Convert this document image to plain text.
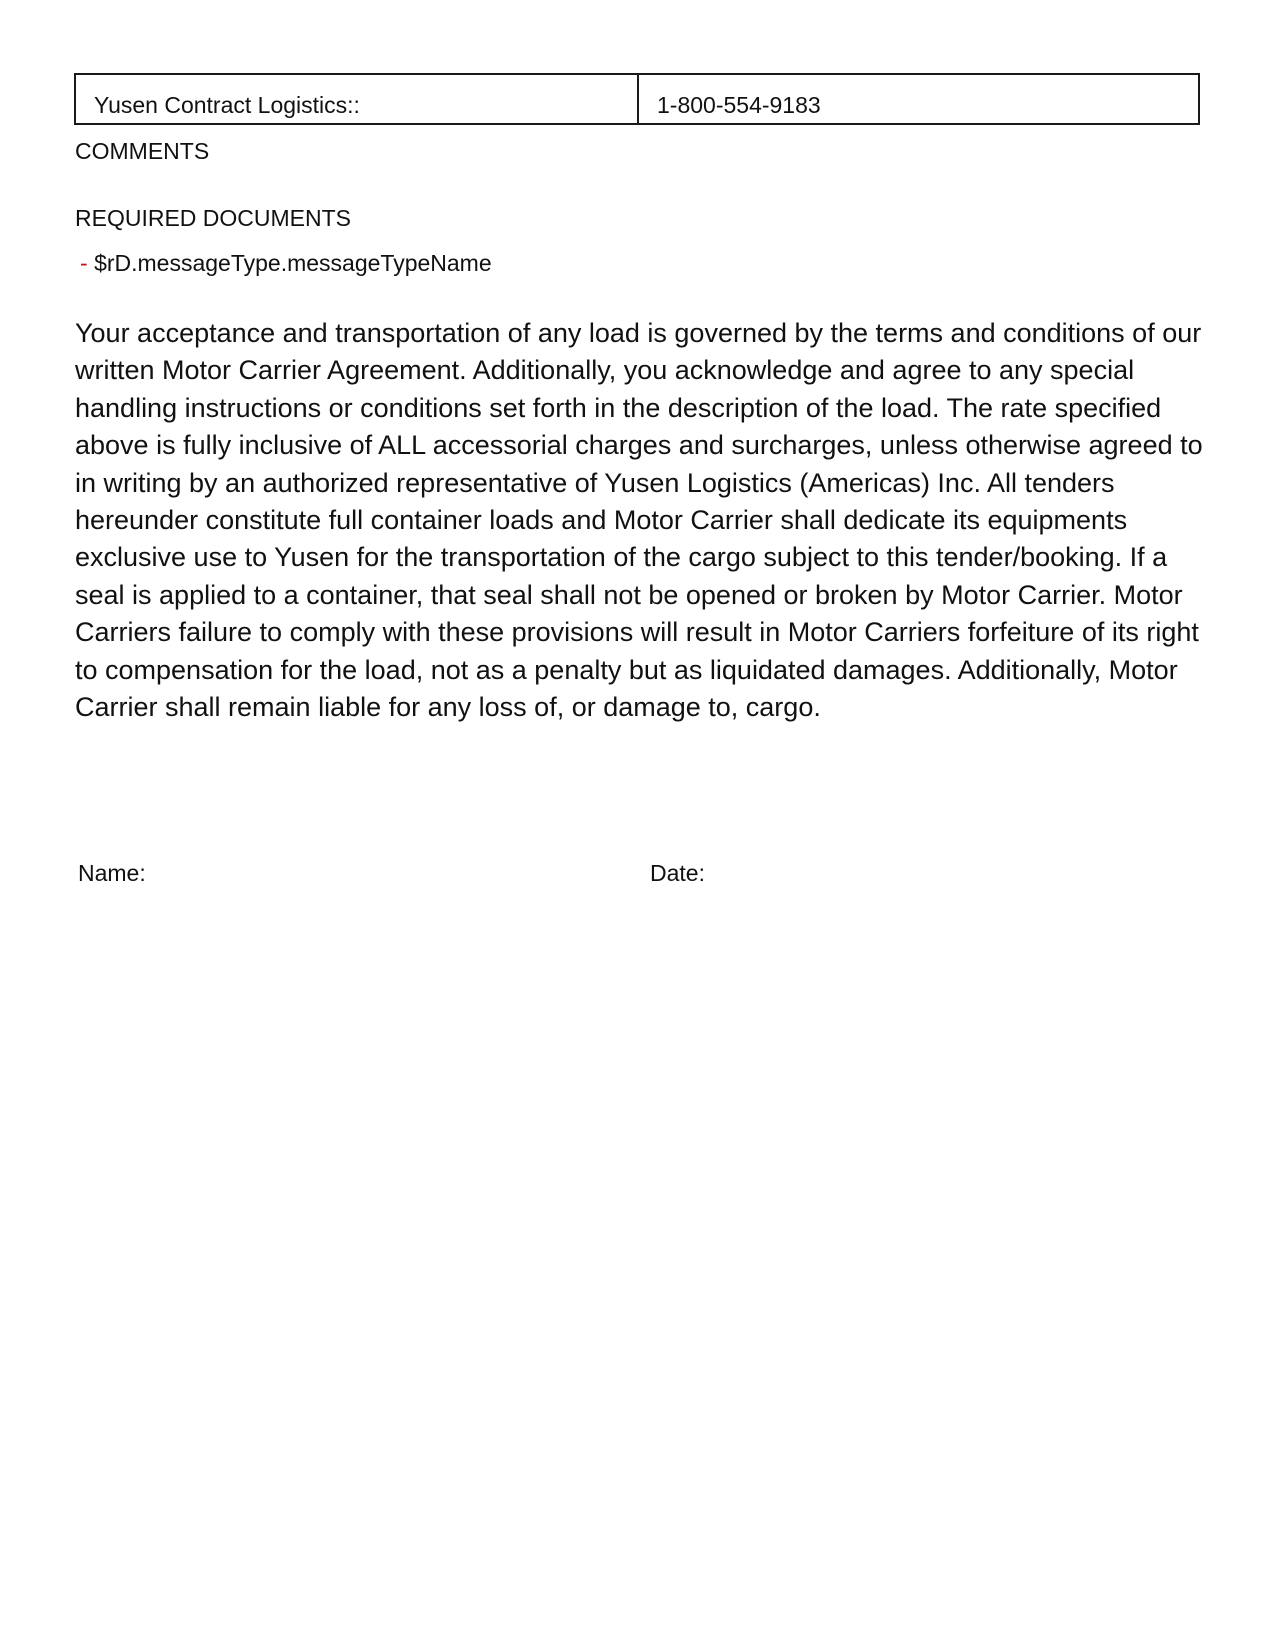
Yusen Contract Logistics::	1-800-554-9183
COMMENTS
REQUIRED DOCUMENTS
- $rD.messageType.messageTypeName

Your acceptance and transportation of any load is governed by the terms and conditions of our written Motor Carrier Agreement. Additionally, you acknowledge and agree to any special handling instructions or conditions set forth in the description of the load. The rate specified above is fully inclusive of ALL accessorial charges and surcharges, unless otherwise agreed to in writing by an authorized representative of Yusen Logistics (Americas) Inc. All tenders hereunder constitute full container loads and Motor Carrier shall dedicate its equipments exclusive use to Yusen for the transportation of the cargo subject to this tender/booking. If a seal is applied to a container, that seal shall not be opened or broken by Motor Carrier. Motor Carriers failure to comply with these provisions will result in Motor Carriers forfeiture of its right to compensation for the load, not as a penalty but as liquidated damages. Additionally, Motor Carrier shall remain liable for any loss of, or damage to, cargo.

Name:	Date:
